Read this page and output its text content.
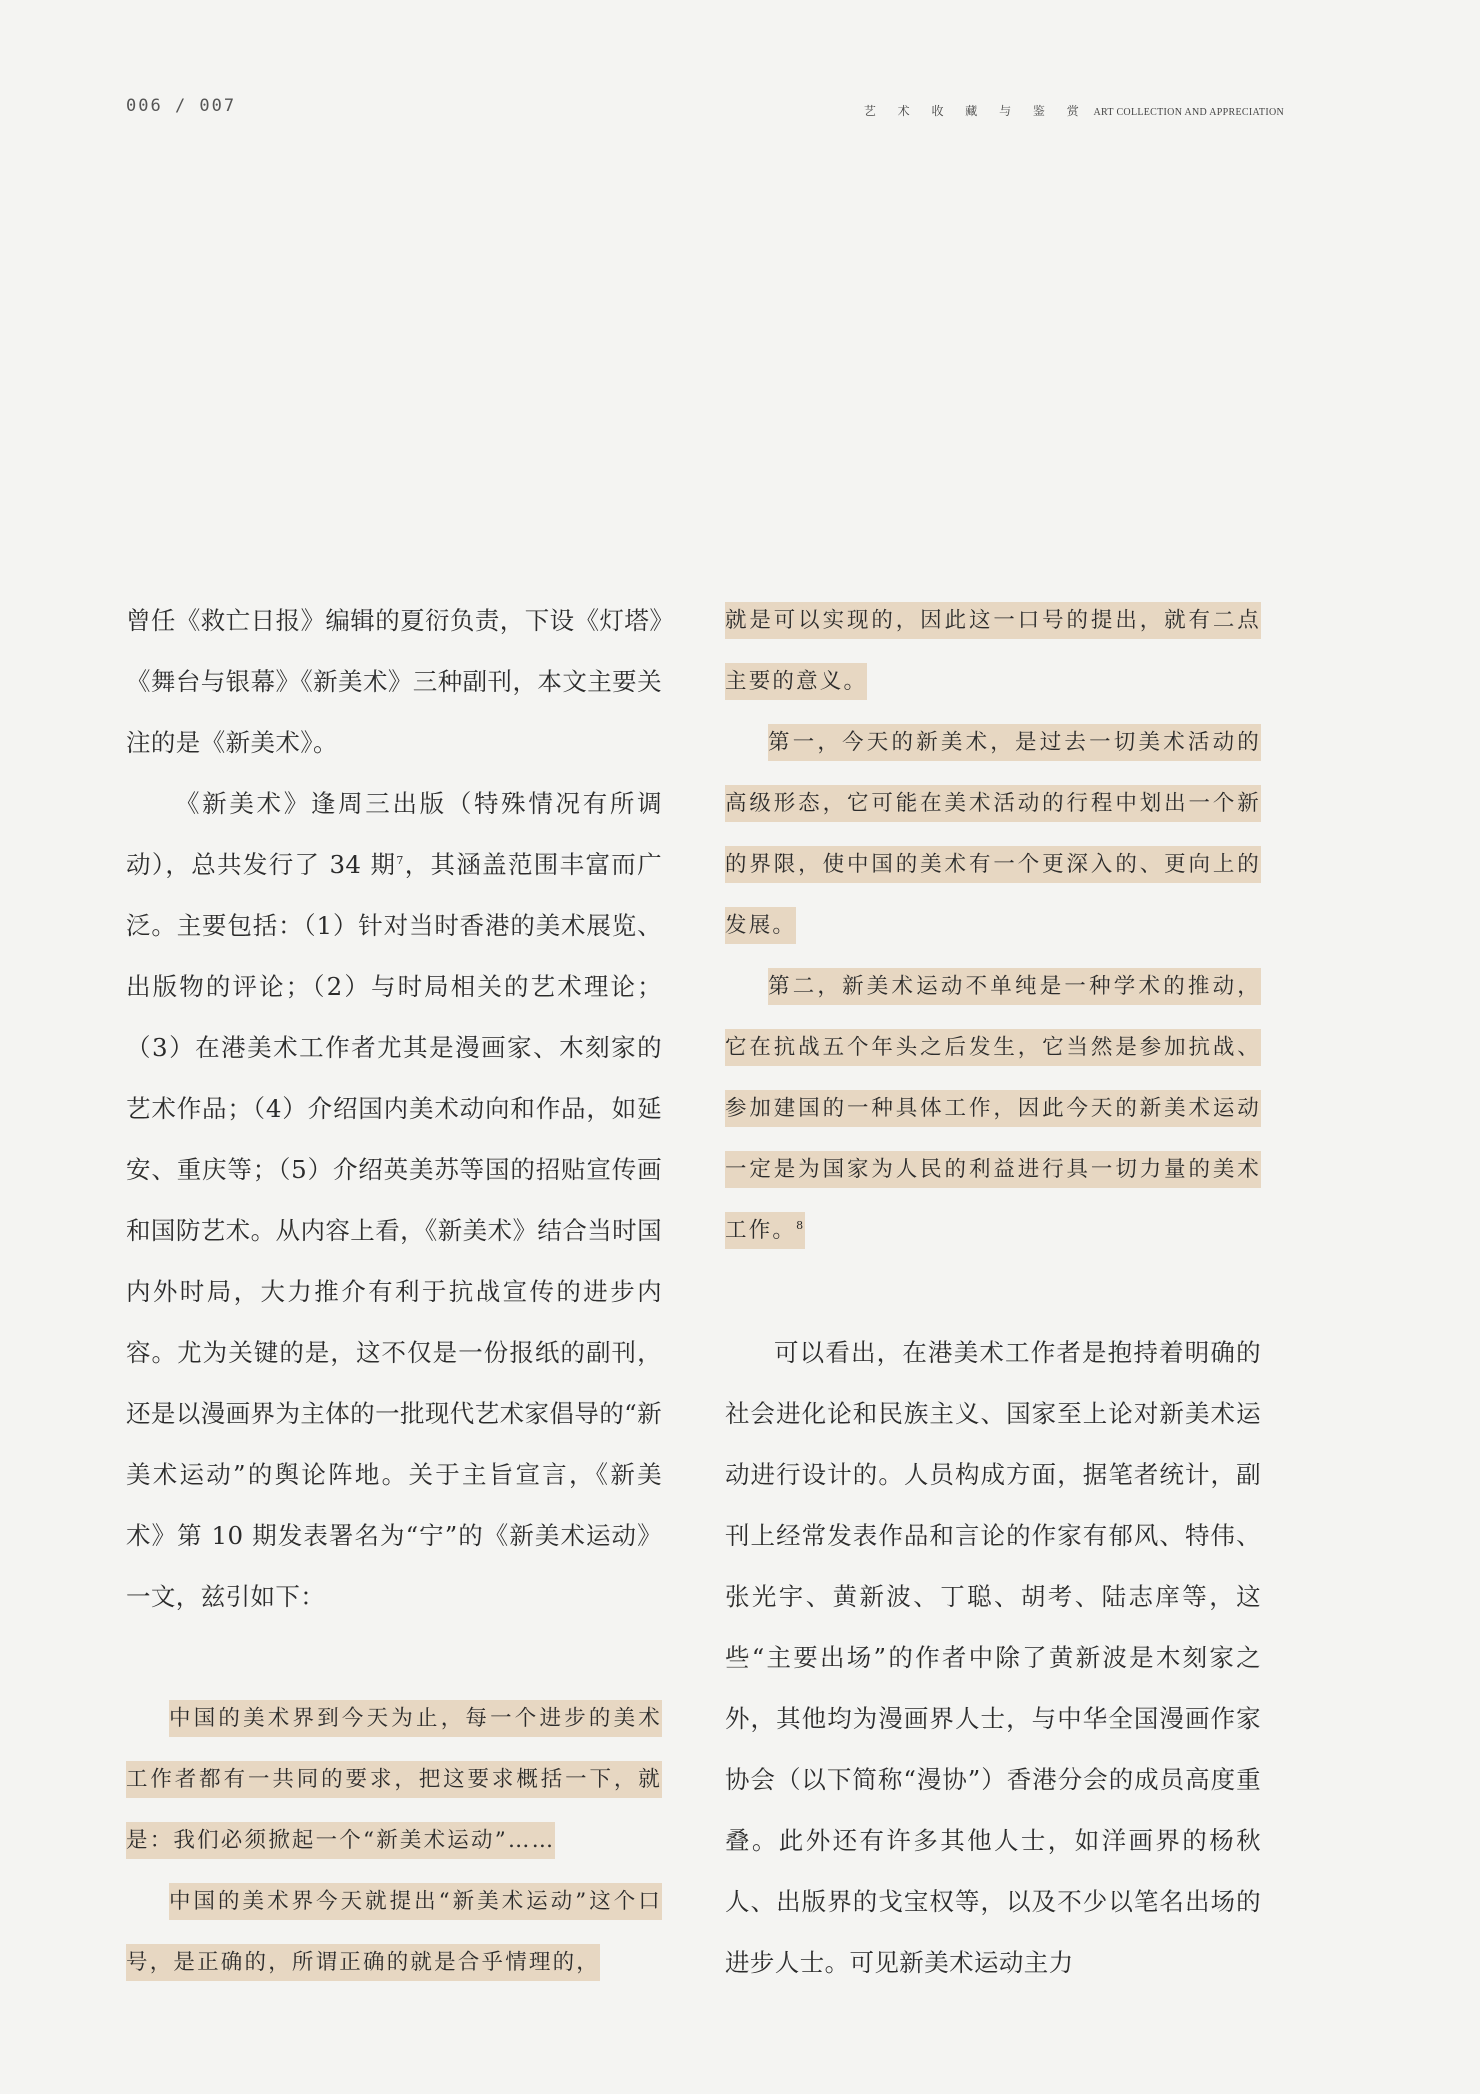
006 / 007	艺 术 收 藏 与 鉴 赏 ART COLLECTION AND APPRECIATION

曾任《救亡日报》编辑的夏衍负责，下设《灯塔》《舞台与银幕》《新美术》三种副刊，本文主要关注的是《新美术》。

《新美术》逢周三出版（特殊情况有所调动），总共发行了 34 期$^7$，其涵盖范围丰富而广泛。主要包括：（1）针对当时香港的美术展览、出版物的评论；（2）与时局相关的艺术理论；（3）在港美术工作者尤其是漫画家、木刻家的艺术作品；（4）介绍国内美术动向和作品，如延安、重庆等；（5）介绍英美苏等国的招贴宣传画和国防艺术。从内容上看，《新美术》结合当时国内外时局，大力推介有利于抗战宣传的进步内容。尤为关键的是，这不仅是一份报纸的副刊，还是以漫画界为主体的一批现代艺术家倡导的“新美术运动”的舆论阵地。关于主旨宣言，《新美术》第 10 期发表署名为“宁”的《新美术运动》一文，兹引如下：

中国的美术界到今天为止，每一个进步的美术工作者都有一共同的要求，把这要求概括一下，就是：我们必须掀起一个“新美术运动”……

中国的美术界今天就提出“新美术运动”这个口号，是正确的，所谓正确的就是合乎情理的，

就是可以实现的，因此这一口号的提出，就有二点主要的意义。

第一，今天的新美术，是过去一切美术活动的高级形态，它可能在美术活动的行程中划出一个新的界限，使中国的美术有一个更深入的、更向上的发展。

第二，新美术运动不单纯是一种学术的推动，它在抗战五个年头之后发生，它当然是参加抗战、参加建国的一种具体工作，因此今天的新美术运动一定是为国家为人民的利益进行具一切力量的美术工作。$^8$

可以看出，在港美术工作者是抱持着明确的社会进化论和民族主义、国家至上论对新美术运动进行设计的。人员构成方面，据笔者统计，副刊上经常发表作品和言论的作家有郁风、特伟、张光宇、黄新波、丁聪、胡考、陆志庠等，这些“主要出场”的作者中除了黄新波是木刻家之外，其他均为漫画界人士，与中华全国漫画作家协会（以下简称“漫协”）香港分会的成员高度重叠。此外还有许多其他人士，如洋画界的杨秋人、出版界的戈宝权等，以及不少以笔名出场的进步人士。可见新美术运动主力
